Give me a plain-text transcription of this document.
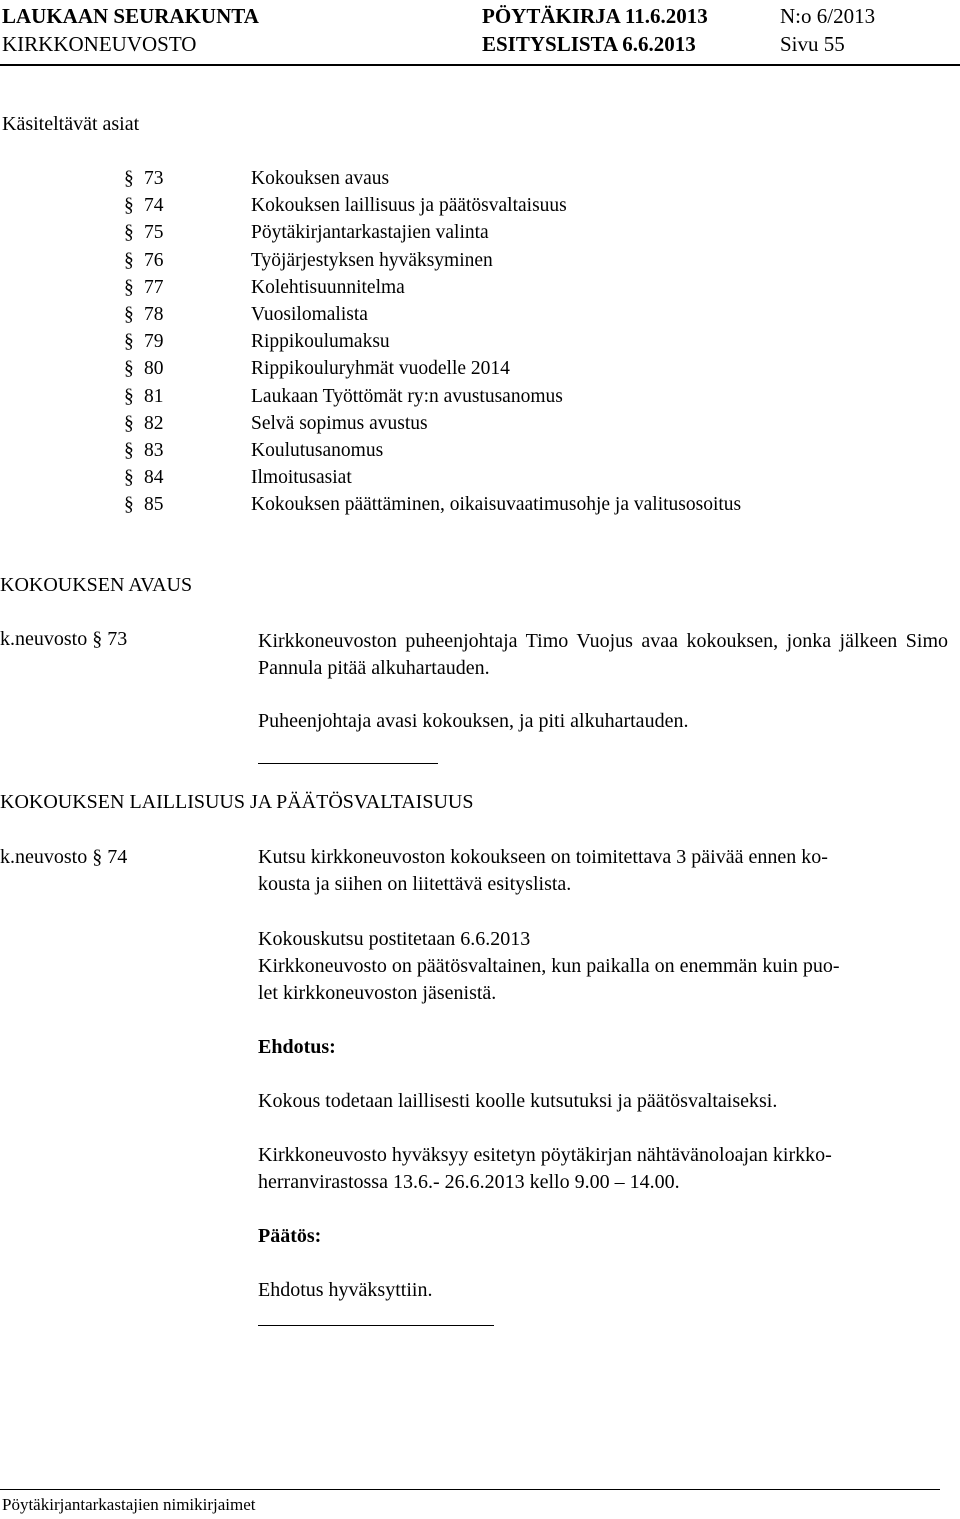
LAUKAAN SEURAKUNTA	PÖYTÄKIRJA 11.6.2013	N:o 6/2013
KIRKKONEUVOSTO	ESITYSLISTA 6.6.2013	Sivu 55
Käsiteltävät asiat
§ 73	Kokouksen avaus
§ 74	Kokouksen laillisuus ja päätösvaltaisuus
§ 75	Pöytäkirjantarkastajien valinta
§ 76	Työjärjestyksen hyväksyminen
§ 77	Kolehtisuunnitelma
§ 78	Vuosilomalista
§ 79	Rippikoulumaksu
§ 80	Rippikouluryhmät vuodelle 2014
§ 81	Laukaan Työttömät ry:n avustusanomus
§ 82	Selvä sopimus avustus
§ 83	Koulutusanomus
§ 84	Ilmoitusasiat
§ 85	Kokouksen päättäminen, oikaisuvaatimusohje ja valitusosoitus
KOKOUKSEN AVAUS
k.neuvosto § 73	Kirkkoneuvoston puheenjohtaja Timo Vuojus avaa kokouksen, jonka jälkeen Simo Pannula pitää alkuhartauden.
Puheenjohtaja avasi kokouksen, ja piti alkuhartauden.
KOKOUKSEN LAILLISUUS JA PÄÄTÖSVALTAISUUS
k.neuvosto § 74	Kutsu kirkkoneuvoston kokoukseen on toimitettava 3 päivää ennen ko-
kousta ja siihen on liitettävä esityslista.
Kokouskutsu postitetaan 6.6.2013
Kirkkoneuvosto on päätösvaltainen, kun paikalla on enemmän kuin puo-
let kirkkoneuvoston jäsenistä.
Ehdotus:
Kokous todetaan laillisesti koolle kutsutuksi ja päätösvaltaiseksi.
Kirkkoneuvosto hyväksyy esitetyn pöytäkirjan nähtävänoloajan kirkko-
herranvirastossa 13.6.- 26.6.2013 kello 9.00 – 14.00.
Päätös:
Ehdotus hyväksyttiin.
Pöytäkirjantarkastajien nimikirjaimet
